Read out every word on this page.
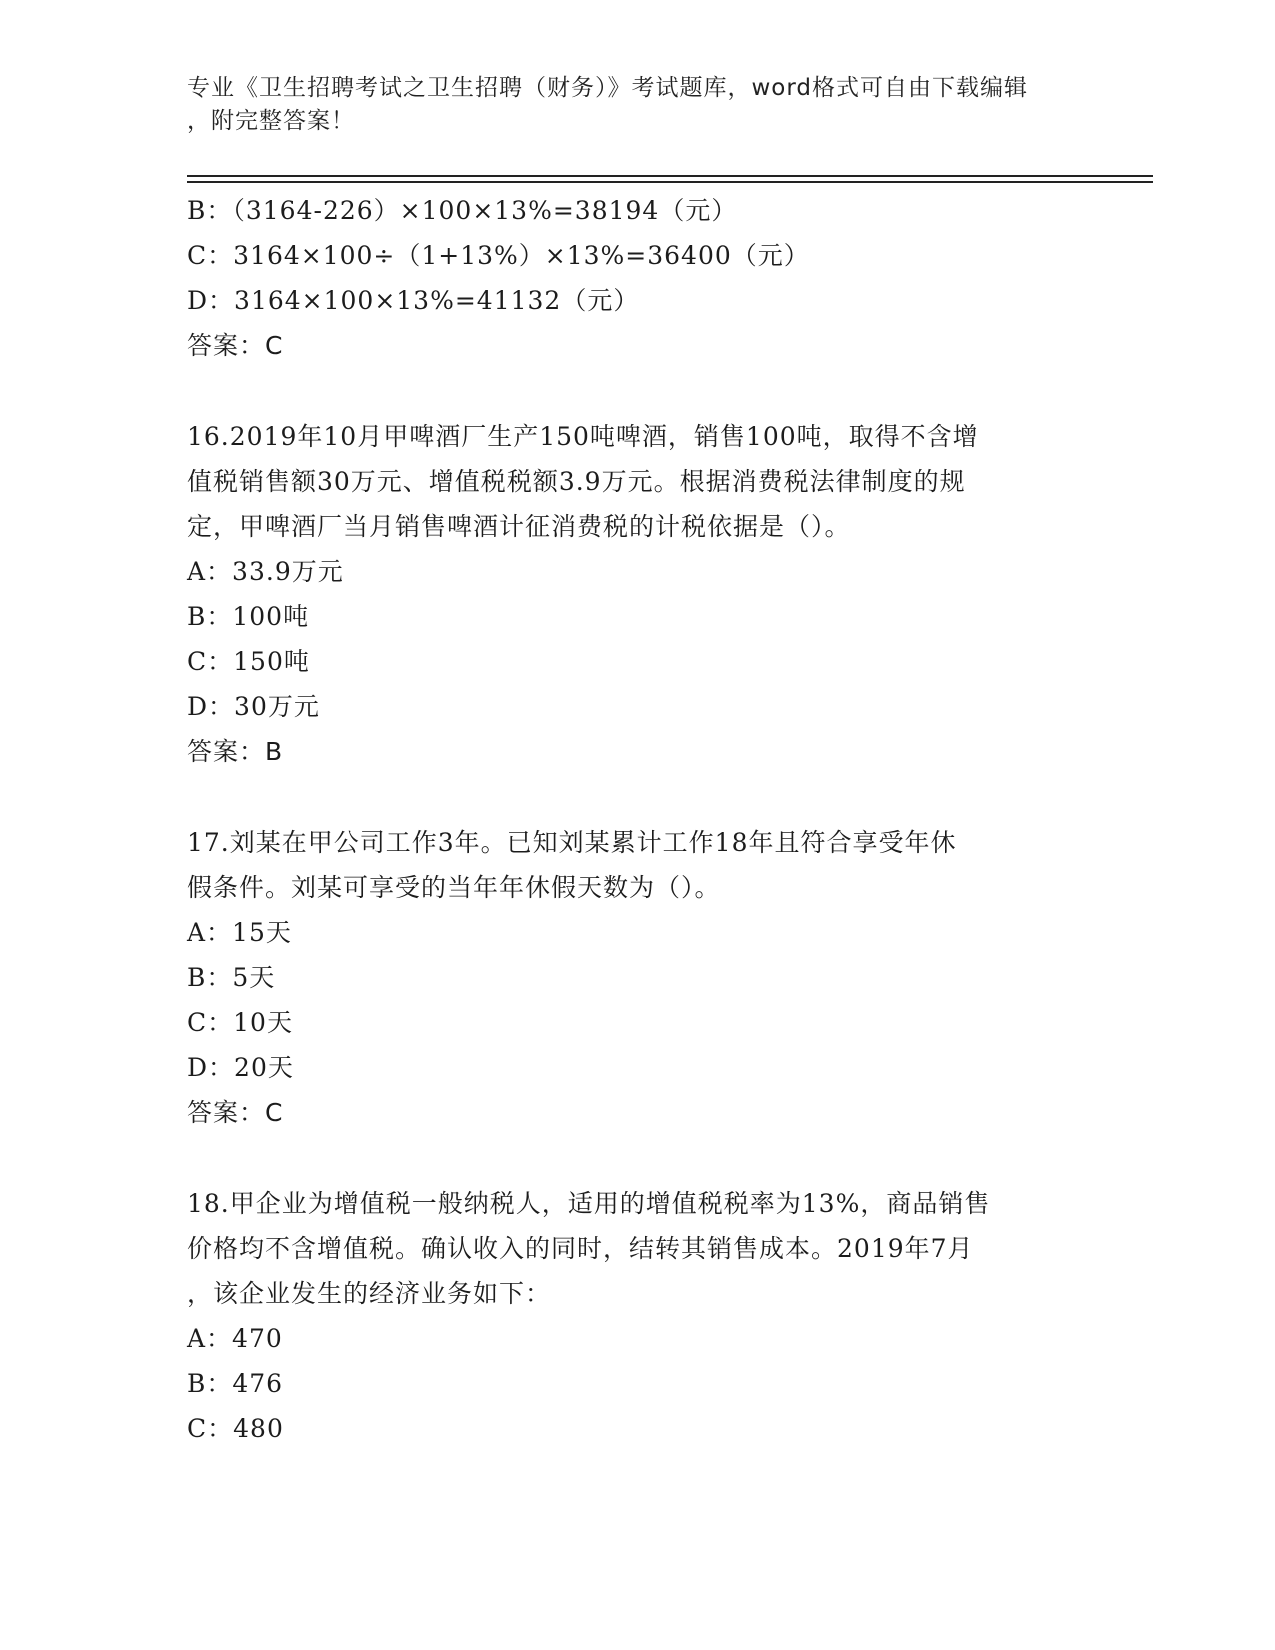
专业《卫生招聘考试之卫生招聘（财务）》考试题库，word格式可自由下载编辑
，附完整答案！
B：（3164-226）×100×13%=38194（元）
C：3164×100÷（1+13%）×13%=36400（元）
D：3164×100×13%=41132（元）
答案：C
16.2019年10月甲啤酒厂生产150吨啤酒，销售100吨，取得不含增
值税销售额30万元、增值税税额3.9万元。根据消费税法律制度的规
定，甲啤酒厂当月销售啤酒计征消费税的计税依据是（）。
A：33.9万元
B：100吨
C：150吨
D：30万元
答案：B
17.刘某在甲公司工作3年。已知刘某累计工作18年且符合享受年休
假条件。刘某可享受的当年年休假天数为（）。
A：15天
B：5天
C：10天
D：20天
答案：C
18.甲企业为增值税一般纳税人，适用的增值税税率为13%，商品销售
价格均不含增值税。确认收入的同时，结转其销售成本。2019年7月
，该企业发生的经济业务如下：
A：470
B：476
C：480
